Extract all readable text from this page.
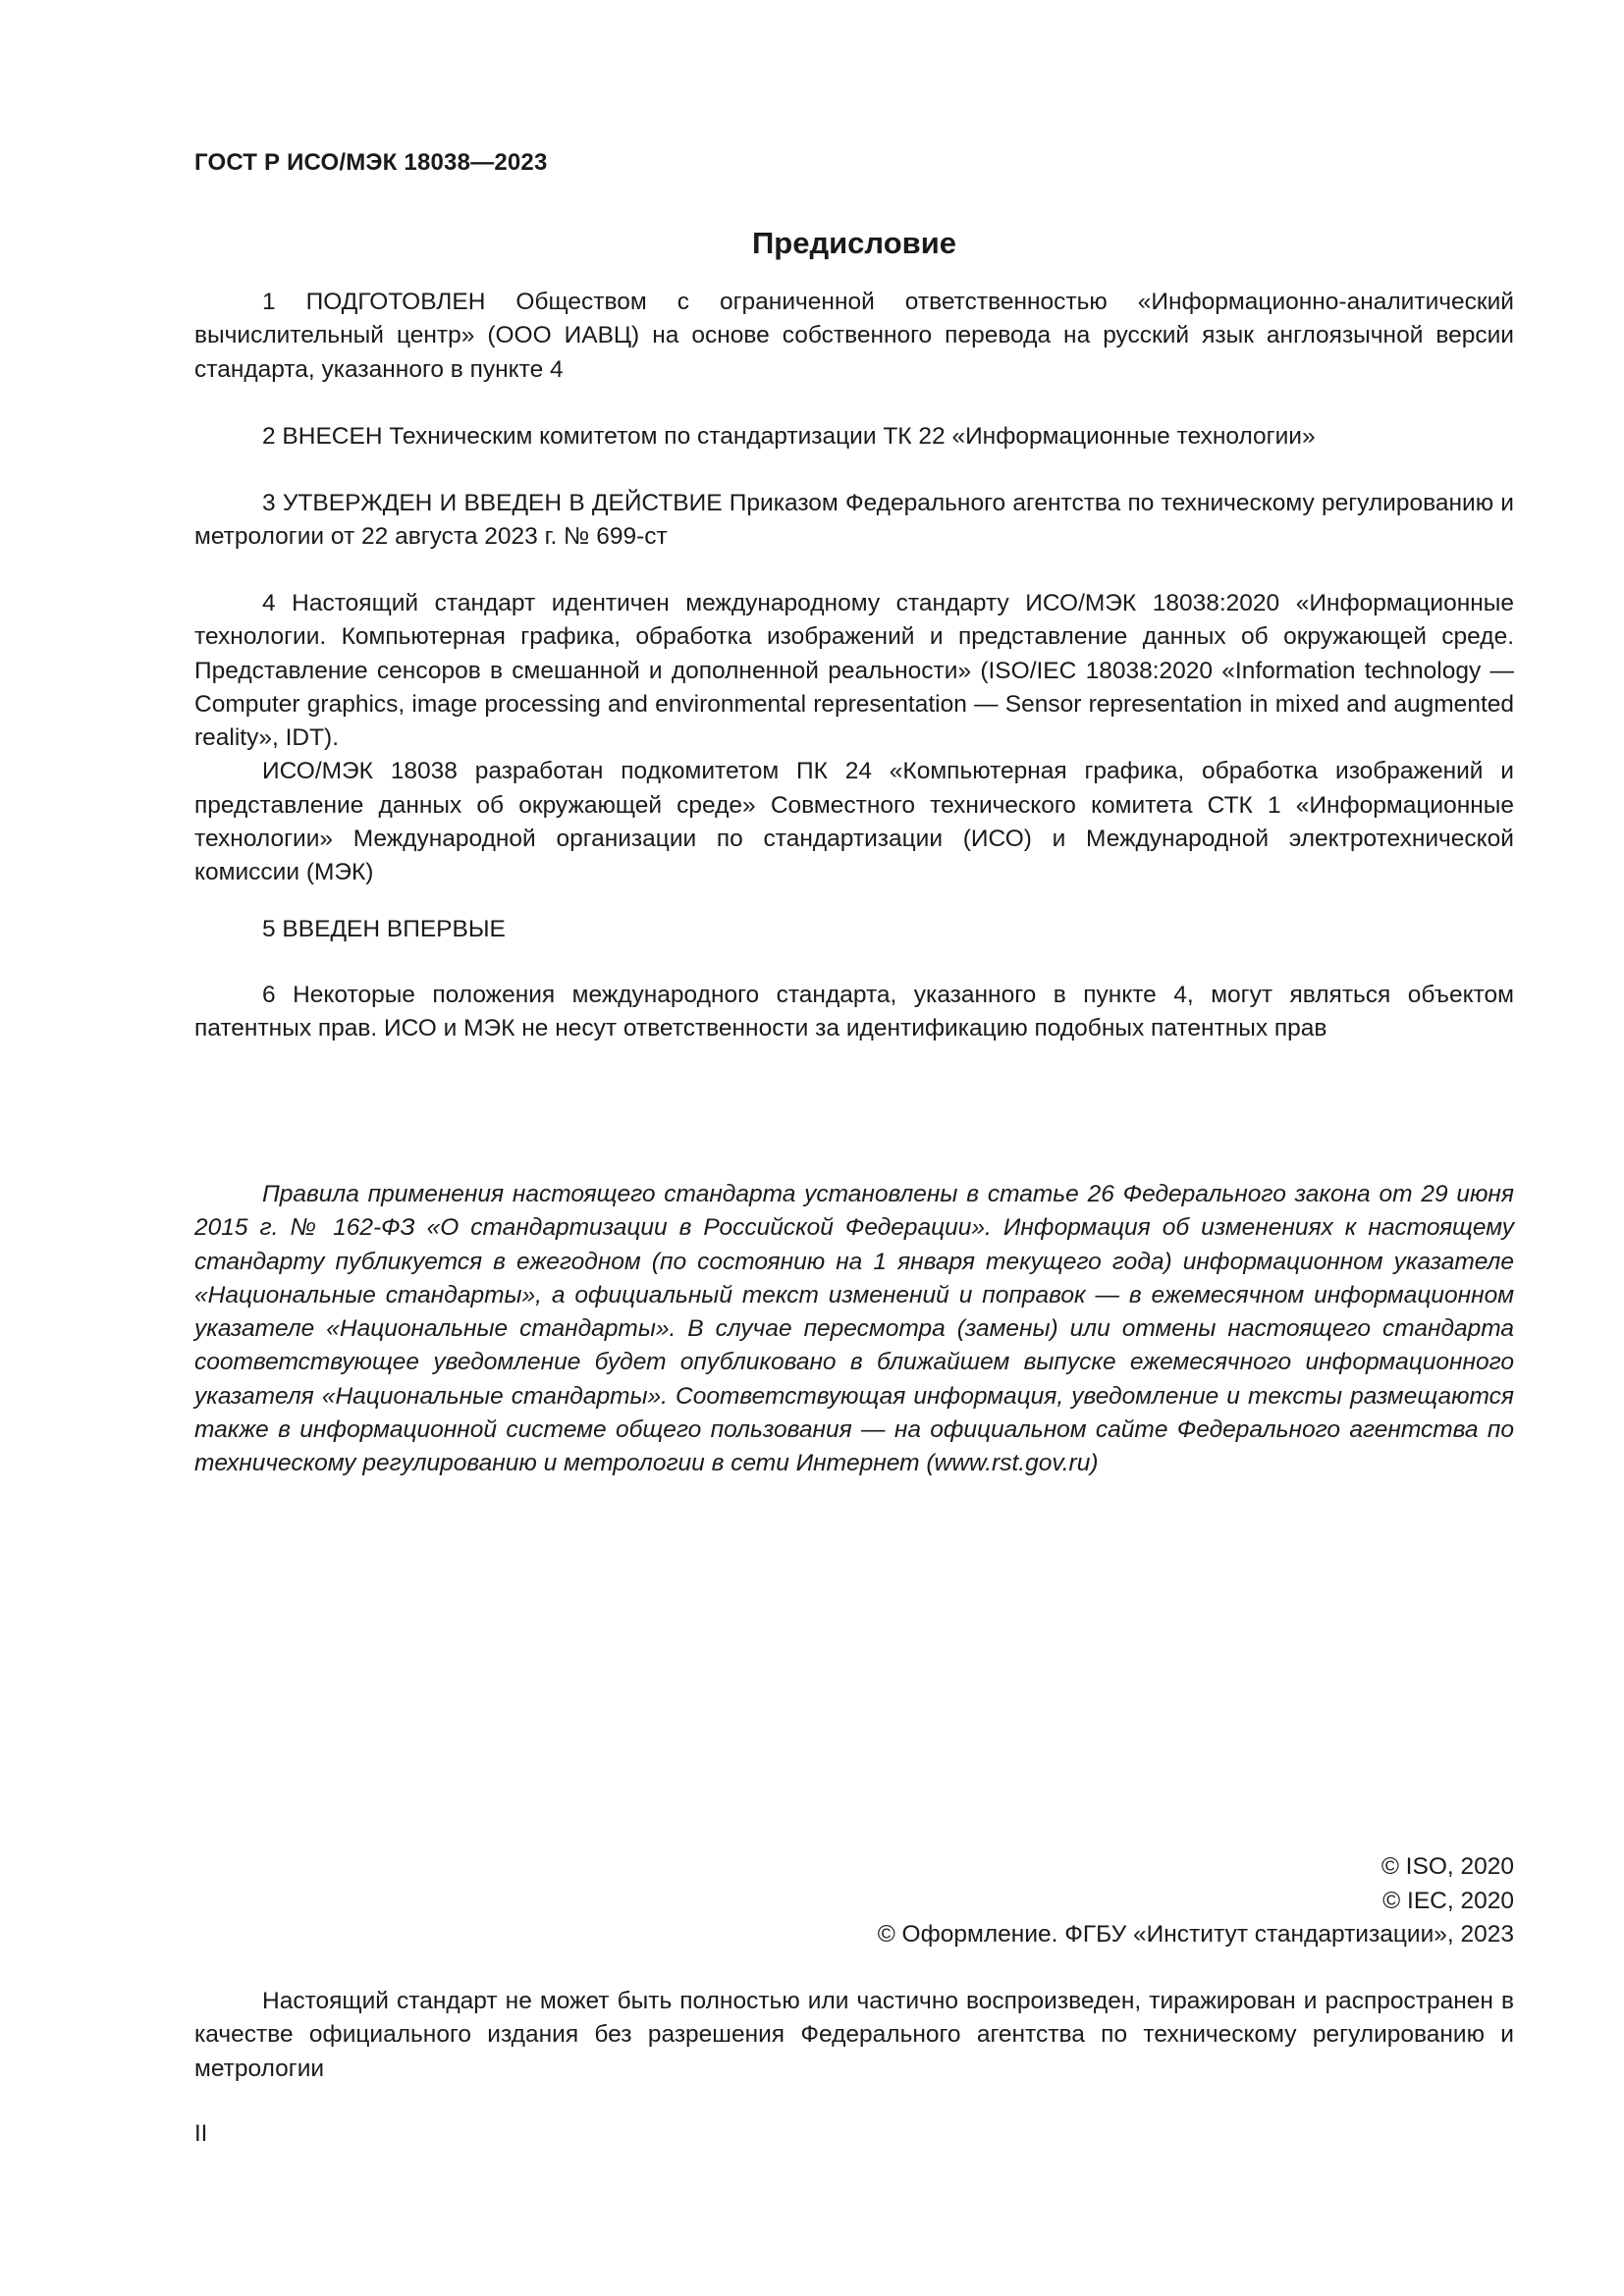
ГОСТ Р ИСО/МЭК 18038—2023
Предисловие

1 ПОДГОТОВЛЕН Обществом с ограниченной ответственностью «Информационно-аналитический вычислительный центр» (ООО ИАВЦ) на основе собственного перевода на русский язык англоязычной версии стандарта, указанного в пункте 4

2 ВНЕСЕН Техническим комитетом по стандартизации ТК 22 «Информационные технологии»

3 УТВЕРЖДЕН И ВВЕДЕН В ДЕЙСТВИЕ Приказом Федерального агентства по техническому регулированию и метрологии от 22 августа 2023 г. № 699-ст

4 Настоящий стандарт идентичен международному стандарту ИСО/МЭК 18038:2020 «Информационные технологии. Компьютерная графика, обработка изображений и представление данных об окружающей среде. Представление сенсоров в смешанной и дополненной реальности» (ISO/IEC 18038:2020 «Information technology — Computer graphics, image processing and environmental representation — Sensor representation in mixed and augmented reality», IDT).

ИСО/МЭК 18038 разработан подкомитетом ПК 24 «Компьютерная графика, обработка изображений и представление данных об окружающей среде» Совместного технического комитета СТК 1 «Информационные технологии» Международной организации по стандартизации (ИСО) и Международной электротехнической комиссии (МЭК)

5 ВВЕДЕН ВПЕРВЫЕ

6 Некоторые положения международного стандарта, указанного в пункте 4, могут являться объектом патентных прав. ИСО и МЭК не несут ответственности за идентификацию подобных патентных прав

Правила применения настоящего стандарта установлены в статье 26 Федерального закона от 29 июня 2015 г. № 162-ФЗ «О стандартизации в Российской Федерации». Информация об изменениях к настоящему стандарту публикуется в ежегодном (по состоянию на 1 января текущего года) информационном указателе «Национальные стандарты», а официальный текст изменений и поправок — в ежемесячном информационном указателе «Национальные стандарты». В случае пересмотра (замены) или отмены настоящего стандарта соответствующее уведомление будет опубликовано в ближайшем выпуске ежемесячного информационного указателя «Национальные стандарты». Соответствующая информация, уведомление и тексты размещаются также в информационной системе общего пользования — на официальном сайте Федерального агентства по техническому регулированию и метрологии в сети Интернет (www.rst.gov.ru)

© ISO, 2020
© IEC, 2020
© Оформление. ФГБУ «Институт стандартизации», 2023

Настоящий стандарт не может быть полностью или частично воспроизведен, тиражирован и распространен в качестве официального издания без разрешения Федерального агентства по техническому регулированию и метрологии

II
